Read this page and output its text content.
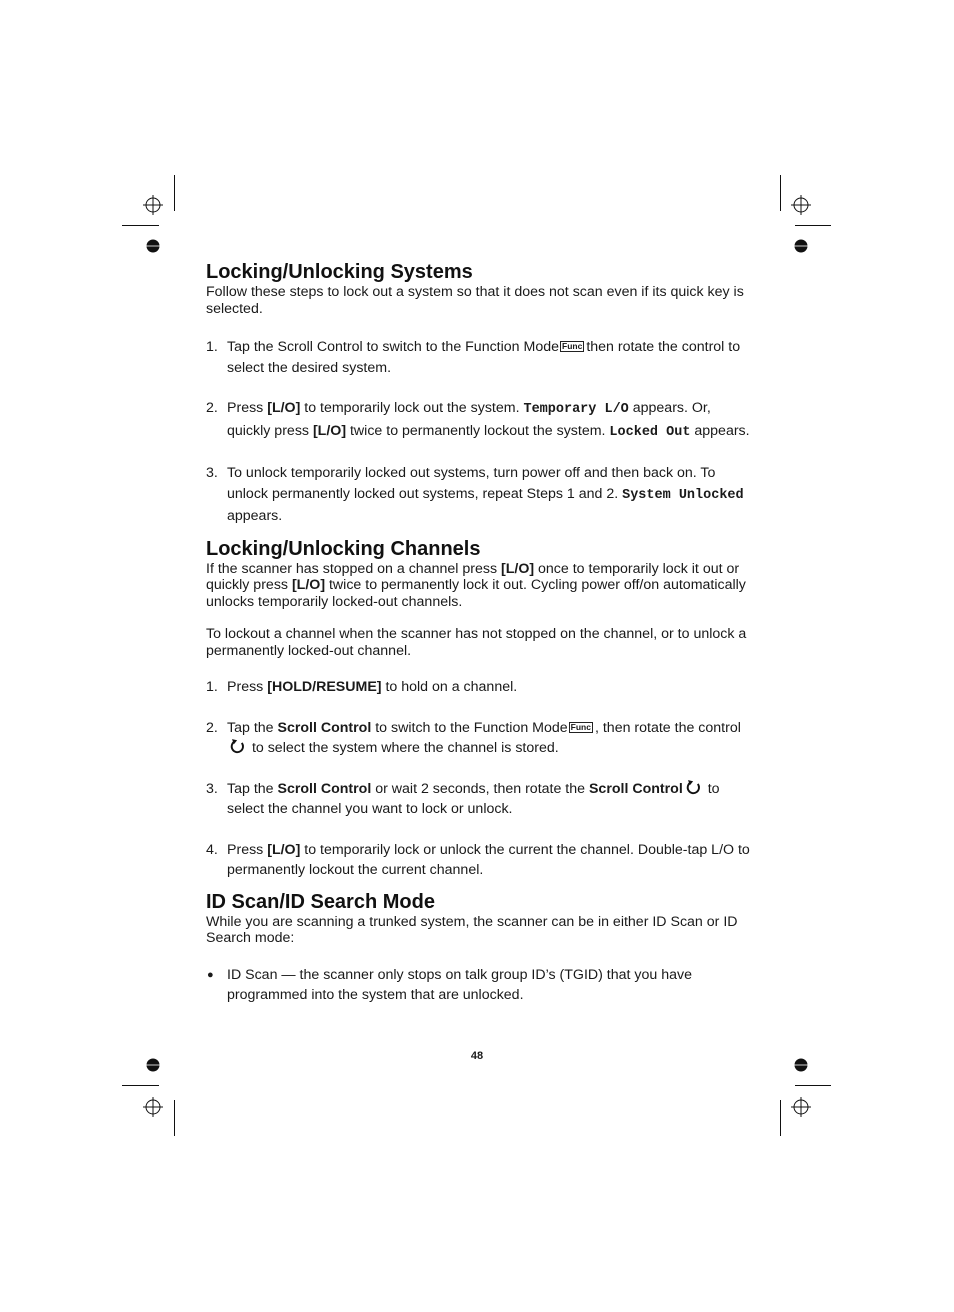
Locking/Unlocking Systems

Follow these steps to lock out a system so that it does not scan even if its quick key is selected.

1. Tap the Scroll Control to switch to the Function Mode Func then rotate the control to select the desired system.
2. Press [L/O] to temporarily lock out the system. Temporary L/O appears. Or, quickly press [L/O] twice to permanently lockout the system. Locked Out appears.
3. To unlock temporarily locked out systems, turn power off and then back on. To unlock permanently locked out systems, repeat Steps 1 and 2. System Unlocked appears.
Locking/Unlocking Channels

If the scanner has stopped on a channel press [L/O] once to temporarily lock it out or quickly press [L/O] twice to permanently lock it out. Cycling power off/on automatically unlocks temporarily locked-out channels.

To lockout a channel when the scanner has not stopped on the channel, or to unlock a permanently locked-out channel.

1. Press [HOLD/RESUME] to hold on a channel.
2. Tap the Scroll Control to switch to the Function Mode Func , then rotate the control to select the system where the channel is stored.
3. Tap the Scroll Control or wait 2 seconds, then rotate the Scroll Control to select the channel you want to lock or unlock.
4. Press [L/O] to temporarily lock or unlock the current the channel. Double-tap L/O to permanently lockout the current channel.
ID Scan/ID Search Mode

While you are scanning a trunked system, the scanner can be in either ID Scan or ID Search mode:

● ID Scan — the scanner only stops on talk group ID’s (TGID) that you have programmed into the system that are unlocked.
48
